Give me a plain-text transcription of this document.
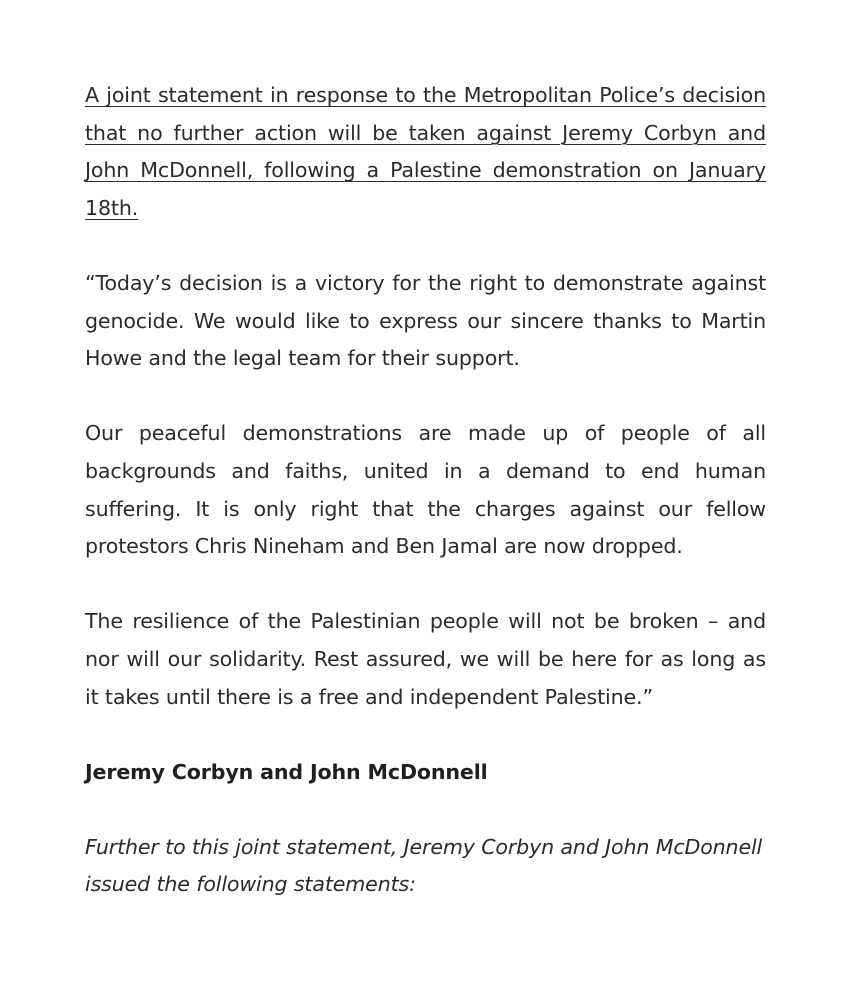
A joint statement in response to the Metropolitan Police’s decision that no further action will be taken against Jeremy Corbyn and John McDonnell, following a Palestine demonstration on January 18th.

“Today’s decision is a victory for the right to demonstrate against genocide. We would like to express our sincere thanks to Martin Howe and the legal team for their support.

Our peaceful demonstrations are made up of people of all backgrounds and faiths, united in a demand to end human suffering. It is only right that the charges against our fellow protestors Chris Nineham and Ben Jamal are now dropped.

The resilience of the Palestinian people will not be broken – and nor will our solidarity. Rest assured, we will be here for as long as it takes until there is a free and independent Palestine.”

Jeremy Corbyn and John McDonnell

Further to this joint statement, Jeremy Corbyn and John McDonnell issued the following statements:
